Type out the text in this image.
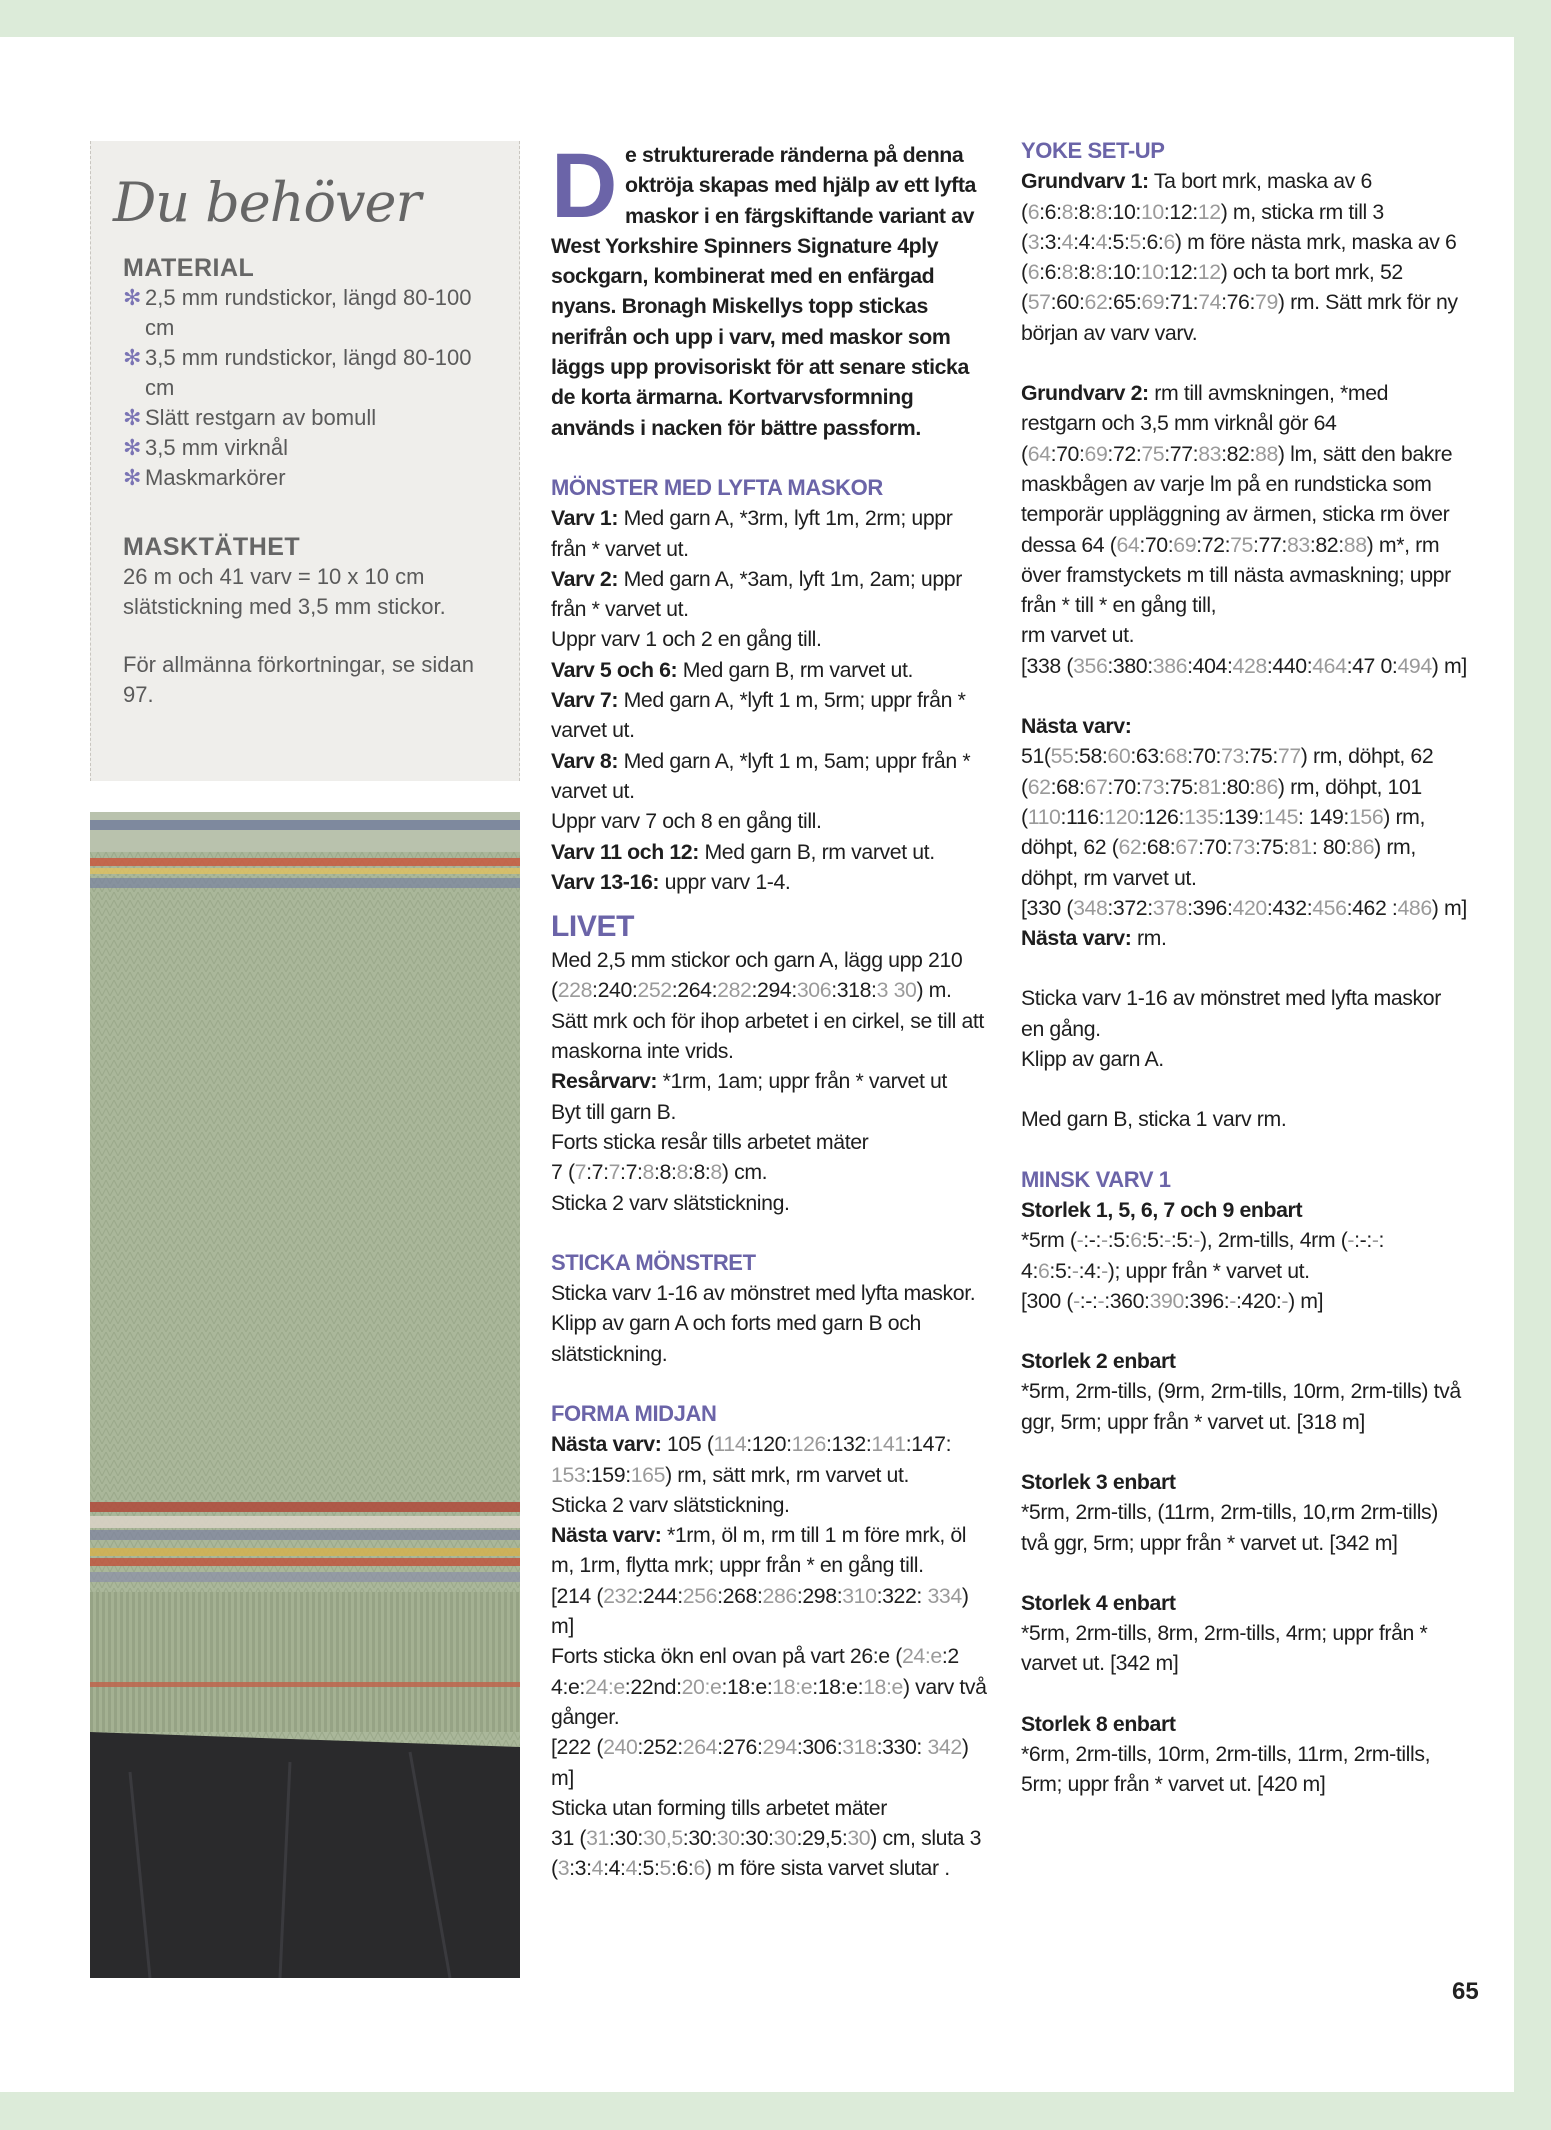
Du behöver
MATERIAL
✻ 2,5 mm rundstickor, längd 80-100 cm
✻ 3,5 mm rundstickor, längd 80-100 cm
✻ Slätt restgarn av bomull
✻ 3,5 mm virknål
✻ Maskmarkörer
MASKTÄTHET

26 m och 41 varv = 10 x 10 cm slätstickning med 3,5 mm stickor.

För allmänna förkortningar, se sidan 97.

De strukturerade ränderna på denna oktröja skapas med hjälp av ett lyfta maskor i en färgskiftande variant av West Yorkshire Spinners Signature 4ply sockgarn, kombinerat med en enfärgad nyans. Bronagh Miskellys topp stickas nerifrån och upp i varv, med maskor som läggs upp provisoriskt för att senare sticka de korta ärmarna. Kortvarvsformning används i nacken för bättre passform.

MÖNSTER MED LYFTA MASKOR

Varv 1: Med garn A, *3rm, lyft 1m, 2rm; uppr från * varvet ut.

Varv 2: Med garn A, *3am, lyft 1m, 2am; uppr från * varvet ut.

Uppr varv 1 och 2 en gång till.

Varv 5 och 6: Med garn B, rm varvet ut.

Varv 7: Med garn A, *lyft 1 m, 5rm; uppr från * varvet ut.

Varv 8: Med garn A, *lyft 1 m, 5am; uppr från * varvet ut.

Uppr varv 7 och 8 en gång till.

Varv 11 och 12: Med garn B, rm varvet ut.

Varv 13-16: uppr varv 1-4.

LIVET

Med 2,5 mm stickor och garn A, lägg upp 210 (228:240:252:264:282:294:306:318:3 30) m. Sätt mrk och för ihop arbetet i en cirkel, se till att maskorna inte vrids.

Resårvarv: *1rm, 1am; uppr från * varvet ut

Byt till garn B.

Forts sticka resår tills arbetet mäter

7 (7:7:7:7:8:8:8:8:8) cm.

Sticka 2 varv slätstickning.

STICKA MÖNSTRET

Sticka varv 1-16 av mönstret med lyfta maskor.

Klipp av garn A och forts med garn B och slätstickning.

FORMA MIDJAN

Nästa varv: 105 (114:120:126:132:141:147: 153:159:165) rm, sätt mrk, rm varvet ut.

Sticka 2 varv slätstickning.

Nästa varv: *1rm, öl m, rm till 1 m före mrk, öl m, 1rm, flytta mrk; uppr från * en gång till.

[214 (232:244:256:268:286:298:310:322: 334) m]

Forts sticka ökn enl ovan på vart 26:e (24:e:2 4:e:24:e:22nd:20:e:18:e:18:e:18:e:18:e) varv två gånger.

[222 (240:252:264:276:294:306:318:330: 342) m]

Sticka utan forming tills arbetet mäter

31 (31:30:30,5:30:30:30:30:29,5:30) cm, sluta 3 (3:3:4:4:4:5:5:6:6) m före sista varvet slutar .

YOKE SET-UP

Grundvarv 1: Ta bort mrk, maska av 6 (6:6:8:8:8:10:10:12:12) m, sticka rm till 3 (3:3:4:4:4:5:5:6:6) m före nästa mrk, maska av 6 (6:6:8:8:8:10:10:12:12) och ta bort mrk, 52 (57:60:62:65:69:71:74:76:79) rm. Sätt mrk för ny början av varv varv.

Grundvarv 2: rm till avmskningen, *med restgarn och 3,5 mm virknål gör 64 (64:70:69:72:75:77:83:82:88) lm, sätt den bakre maskbågen av varje lm på en rundsticka som temporär uppläggning av ärmen, sticka rm över dessa 64 (64:70:69:72:75:77:83:82:88) m*, rm över framstyckets m till nästa avmaskning; uppr från * till * en gång till,

rm varvet ut.

[338 (356:380:386:404:428:440:464:47 0:494) m]

Nästa varv:

51(55:58:60:63:68:70:73:75:77) rm, döhpt, 62 (62:68:67:70:73:75:81:80:86) rm, döhpt, 101 (110:116:120:126:135:139:145: 149:156) rm, döhpt, 62 (62:68:67:70:73:75:81: 80:86) rm, döhpt, rm varvet ut.

[330 (348:372:378:396:420:432:456:462 :486) m]

Nästa varv: rm.

Sticka varv 1-16 av mönstret med lyfta maskor en gång.

Klipp av garn A.

Med garn B, sticka 1 varv rm.

MINSK VARV 1

Storlek 1, 5, 6, 7 och 9 enbart

*5rm (-:-:-:5:6:5:-:5:-), 2rm-tills, 4rm (-:-:-: 4:6:5:-:4:-); uppr från * varvet ut.

[300 (-:-:-:360:390:396:-:420:-) m]

Storlek 2 enbart

*5rm, 2rm-tills, (9rm, 2rm-tills, 10rm, 2rm-tills) två ggr, 5rm; uppr från * varvet ut. [318 m]

Storlek 3 enbart

*5rm, 2rm-tills, (11rm, 2rm-tills, 10,rm 2rm-tills) två ggr, 5rm; uppr från * varvet ut. [342 m]

Storlek 4 enbart

*5rm, 2rm-tills, 8rm, 2rm-tills, 4rm; uppr från * varvet ut. [342 m]

Storlek 8 enbart

*6rm, 2rm-tills, 10rm, 2rm-tills, 11rm, 2rm-tills, 5rm; uppr från * varvet ut. [420 m]

65
